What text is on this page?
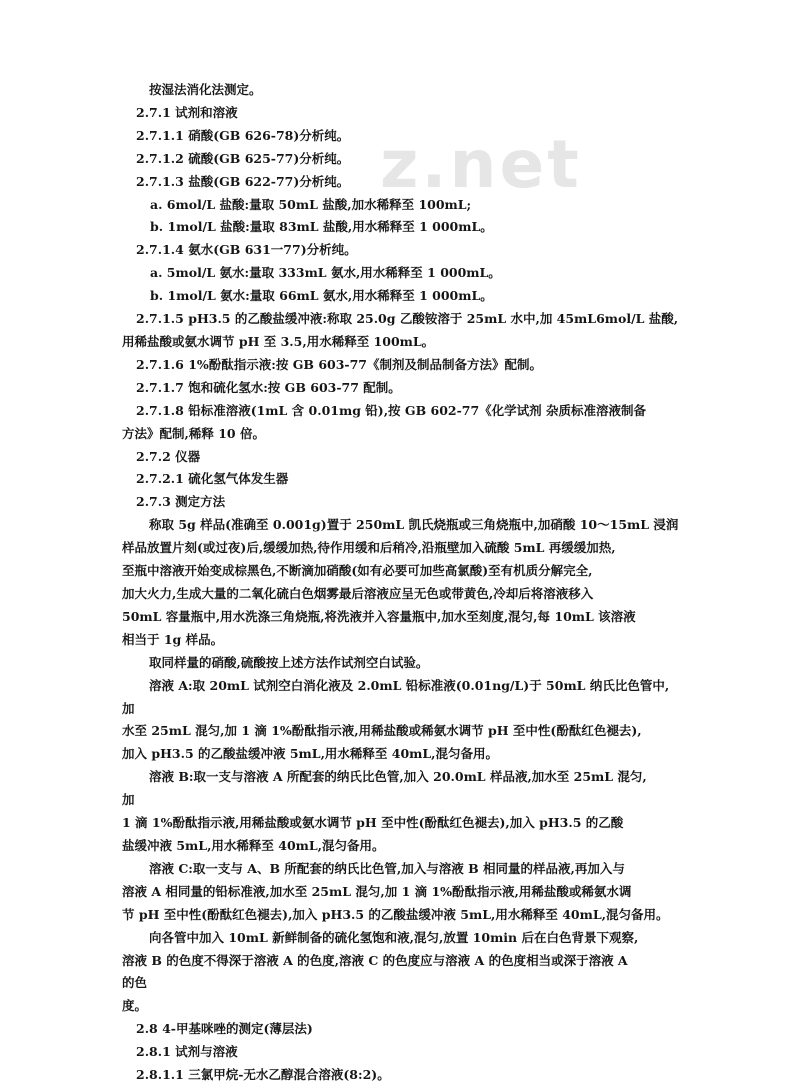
z.net
按湿法消化法测定。
2.7.1 试剂和溶液
2.7.1.1 硝酸(GB 626-78)分析纯。
2.7.1.2 硫酸(GB 625-77)分析纯。
2.7.1.3 盐酸(GB 622-77)分析纯。
a. 6mol/L 盐酸:量取 50mL 盐酸,加水稀释至 100mL;
b. 1mol/L 盐酸:量取 83mL 盐酸,用水稀释至 1 000mL。
2.7.1.4 氨水(GB 631一77)分析纯。
a. 5mol/L 氨水:量取 333mL 氨水,用水稀释至 1 000mL。
b. 1mol/L 氨水:量取 66mL 氨水,用水稀释至 1 000mL。
2.7.1.5 pH3.5 的乙酸盐缓冲液:称取 25.0g 乙酸铵溶于 25mL 水中,加 45mL6mol/L 盐酸,
用稀盐酸或氨水调节 pH 至 3.5,用水稀释至 100mL。
2.7.1.6 1%酚酞指示液:按 GB 603-77《制剂及制品制备方法》配制。
2.7.1.7 饱和硫化氢水:按 GB 603-77 配制。
2.7.1.8 铅标准溶液(1mL 含 0.01mg 铅),按 GB 602-77《化学试剂 杂质标准溶液制备
方法》配制,稀释 10 倍。
2.7.2 仪器
2.7.2.1 硫化氢气体发生器
2.7.3 测定方法
称取 5g 样品(准确至 0.001g)置于 250mL 凯氏烧瓶或三角烧瓶中,加硝酸 10～15mL 浸润
样品放置片刻(或过夜)后,缓缓加热,待作用缓和后稍冷,沿瓶壁加入硫酸 5mL 再缓缓加热,
至瓶中溶液开始变成棕黑色,不断滴加硝酸(如有必要可加些高氯酸)至有机质分解完全,
加大火力,生成大量的二氧化硫白色烟雾最后溶液应呈无色或带黄色,冷却后将溶液移入
50mL 容量瓶中,用水洗涤三角烧瓶,将洗液并入容量瓶中,加水至刻度,混匀,每 10mL 该溶液
相当于 1g 样品。
取同样量的硝酸,硫酸按上述方法作试剂空白试验。
溶液 A:取 20mL 试剂空白消化液及 2.0mL 铅标准液(0.01ng/L)于 50mL 纳氏比色管中,
加
水至 25mL 混匀,加 1 滴 1%酚酞指示液,用稀盐酸或稀氨水调节 pH 至中性(酚酞红色褪去),
加入 pH3.5 的乙酸盐缓冲液 5mL,用水稀释至 40mL,混匀备用。
溶液 B:取一支与溶液 A 所配套的纳氏比色管,加入 20.0mL 样品液,加水至 25mL 混匀,
加
1 滴 1%酚酞指示液,用稀盐酸或氨水调节 pH 至中性(酚酞红色褪去),加入 pH3.5 的乙酸
盐缓冲液 5mL,用水稀释至 40mL,混匀备用。
溶液 C:取一支与 A、B 所配套的纳氏比色管,加入与溶液 B 相同量的样品液,再加入与
溶液 A 相同量的铅标准液,加水至 25mL 混匀,加 1 滴 1%酚酞指示液,用稀盐酸或稀氨水调
节 pH 至中性(酚酞红色褪去),加入 pH3.5 的乙酸盐缓冲液 5mL,用水稀释至 40mL,混匀备用。
向各管中加入 10mL 新鲜制备的硫化氢饱和液,混匀,放置 10min 后在白色背景下观察,
溶液 B 的色度不得深于溶液 A 的色度,溶液 C 的色度应与溶液 A 的色度相当或深于溶液 A
的色
度。
2.8 4-甲基咪唑的测定(薄层法)
2.8.1 试剂与溶液
2.8.1.1 三氯甲烷-无水乙醇混合溶液(8:2)。
